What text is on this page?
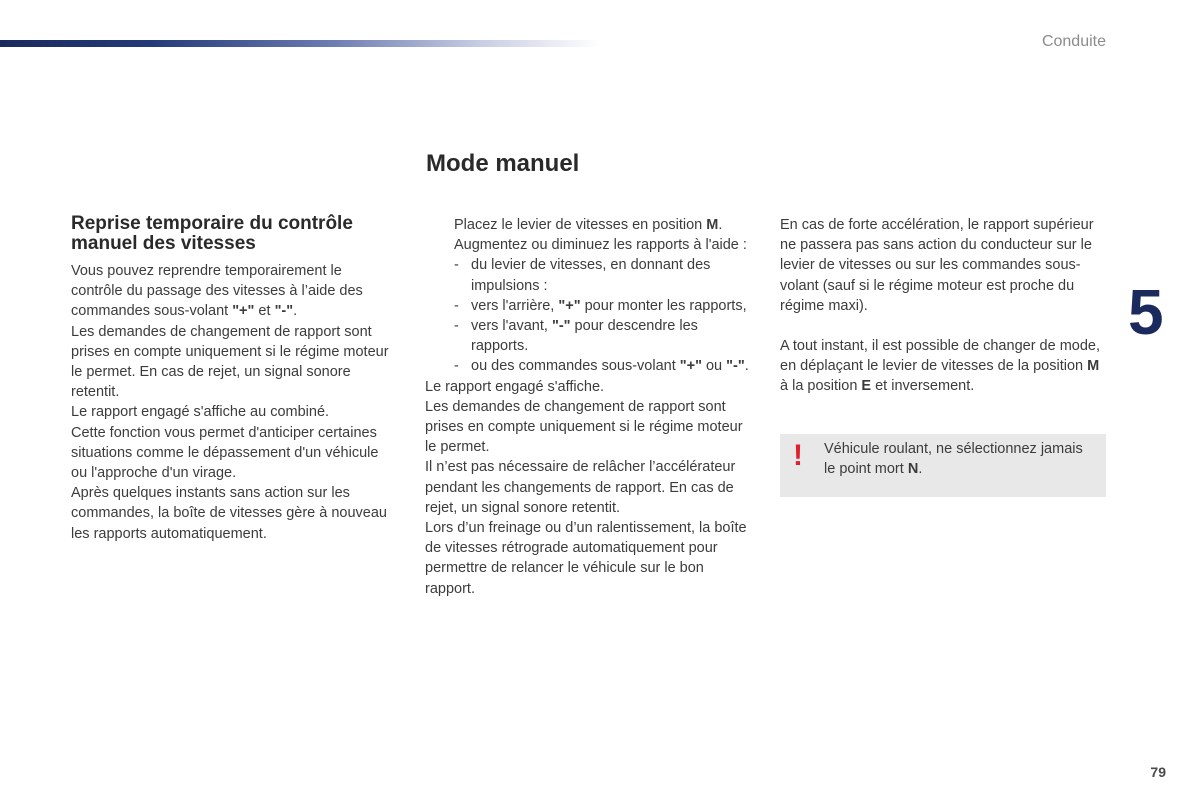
Conduite
5
Mode manuel
Reprise temporaire du contrôle manuel des vitesses

Vous pouvez reprendre temporairement le contrôle du passage des vitesses à l’aide des commandes sous-volant "+" et "-".

Les demandes de changement de rapport sont prises en compte uniquement si le régime moteur le permet. En cas de rejet, un signal sonore retentit.

Le rapport engagé s'affiche au combiné.

Cette fonction vous permet d'anticiper certaines situations comme le dépassement d'un véhicule ou l'approche d'un virage.

Après quelques instants sans action sur les commandes, la boîte de vitesses gère à nouveau les rapports automatiquement.

Placez le levier de vitesses en position M.
Augmentez ou diminuez les rapports à l'aide :
- du levier de vitesses, en donnant des impulsions :
- vers l'arrière, "+" pour monter les rapports,
- vers l'avant, "-" pour descendre les rapports.
- ou des commandes sous-volant "+" ou "-".

Le rapport engagé s'affiche.

Les demandes de changement de rapport sont prises en compte uniquement si le régime moteur le permet.

Il n’est pas nécessaire de relâcher l’accélérateur pendant les changements de rapport. En cas de rejet, un signal sonore retentit.

Lors d’un freinage ou d’un ralentissement, la boîte de vitesses rétrograde automatiquement pour permettre de relancer le véhicule sur le bon rapport.

En cas de forte accélération, le rapport supérieur ne passera pas sans action du conducteur sur le levier de vitesses ou sur les commandes sous-volant (sauf si le régime moteur est proche du régime maxi).

A tout instant, il est possible de changer de mode, en déplaçant le levier de vitesses de la position M à la position E et inversement.

! Véhicule roulant, ne sélectionnez jamais le point mort N.
79
